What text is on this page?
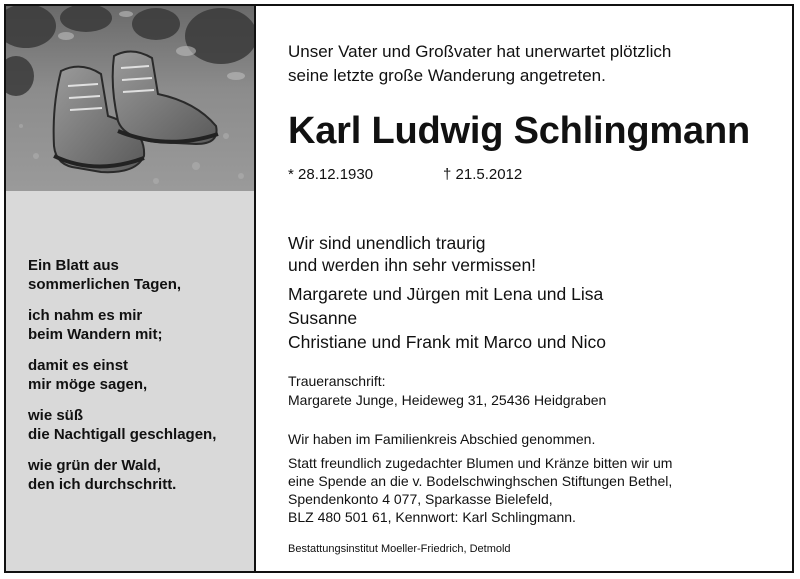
Ein Blatt aus
sommerlichen Tagen,
ich nahm es mir
beim Wandern mit;
damit es einst
mir möge sagen,
wie süß
die Nachtigall geschlagen,
wie grün der Wald,
den ich durchschritt.
Unser Vater und Großvater hat unerwartet plötzlich
seine letzte große Wanderung angetreten.
Karl Ludwig Schlingmann
* 28.12.1930	† 21.5.2012
Wir sind unendlich traurig
und werden ihn sehr vermissen!
Margarete und Jürgen mit Lena und Lisa
Susanne
Christiane und Frank mit Marco und Nico
Traueranschrift:
Margarete Junge, Heideweg 31, 25436 Heidgraben
Wir haben im Familienkreis Abschied genommen.
Statt freundlich zugedachter Blumen und Kränze bitten wir um
eine Spende an die v. Bodelschwinghschen Stiftungen Bethel,
Spendenkonto 4 077, Sparkasse Bielefeld,
BLZ 480 501 61, Kennwort: Karl Schlingmann.
Bestattungsinstitut Moeller-Friedrich, Detmold
